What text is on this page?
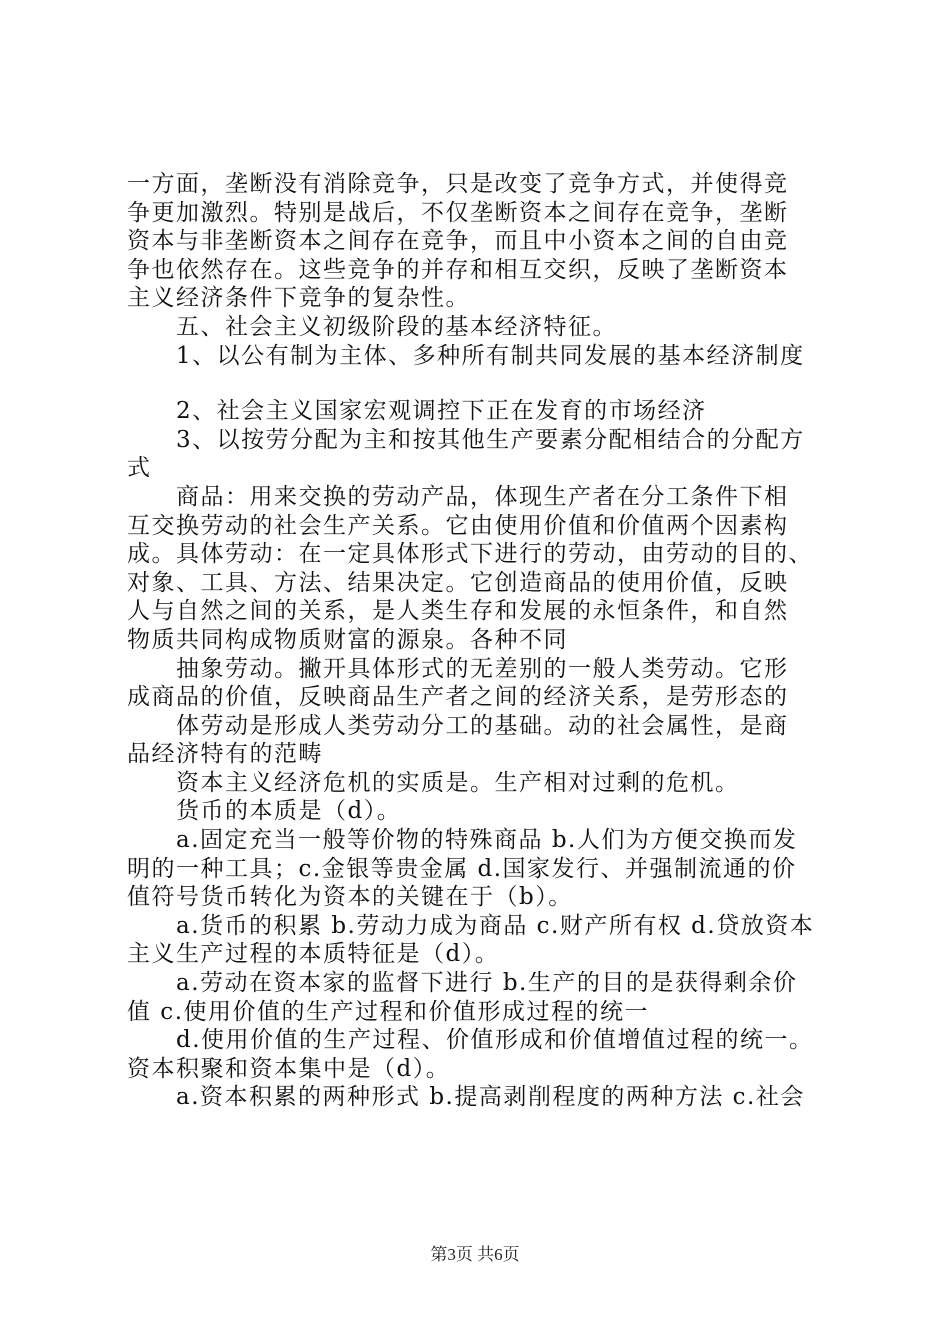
一方面，垄断没有消除竞争，只是改变了竞争方式，并使得竞
争更加激烈。特别是战后，不仅垄断资本之间存在竞争，垄断
资本与非垄断资本之间存在竞争，而且中小资本之间的自由竞
争也依然存在。这些竞争的并存和相互交织，反映了垄断资本
主义经济条件下竞争的复杂性。
　　五、社会主义初级阶段的基本经济特征。
　　1、以公有制为主体、多种所有制共同发展的基本经济制度
　　2、社会主义国家宏观调控下正在发育的市场经济
　　3、以按劳分配为主和按其他生产要素分配相结合的分配方
式
　　商品：用来交换的劳动产品，体现生产者在分工条件下相
互交换劳动的社会生产关系。它由使用价值和价值两个因素构
成。具体劳动：在一定具体形式下进行的劳动，由劳动的目的、
对象、工具、方法、结果决定。它创造商品的使用价值，反映
人与自然之间的关系，是人类生存和发展的永恒条件，和自然
物质共同构成物质财富的源泉。各种不同
　　抽象劳动。撇开具体形式的无差别的一般人类劳动。它形
成商品的价值，反映商品生产者之间的经济关系，是劳形态的
　　体劳动是形成人类劳动分工的基础。动的社会属性，是商
品经济特有的范畴
　　资本主义经济危机的实质是。生产相对过剩的危机。
　　货币的本质是（d）。
　　a.固定充当一般等价物的特殊商品 b.人们为方便交换而发
明的一种工具；c.金银等贵金属 d.国家发行、并强制流通的价
值符号货币转化为资本的关键在于（b）。
　　a.货币的积累 b.劳动力成为商品 c.财产所有权 d.贷放资本
主义生产过程的本质特征是（d）。
　　a.劳动在资本家的监督下进行 b.生产的目的是获得剩余价
值 c.使用价值的生产过程和价值形成过程的统一
　　d.使用价值的生产过程、价值形成和价值增值过程的统一。
资本积聚和资本集中是（d）。
　　a.资本积累的两种形式 b.提高剥削程度的两种方法 c.社会
第3页 共6页
